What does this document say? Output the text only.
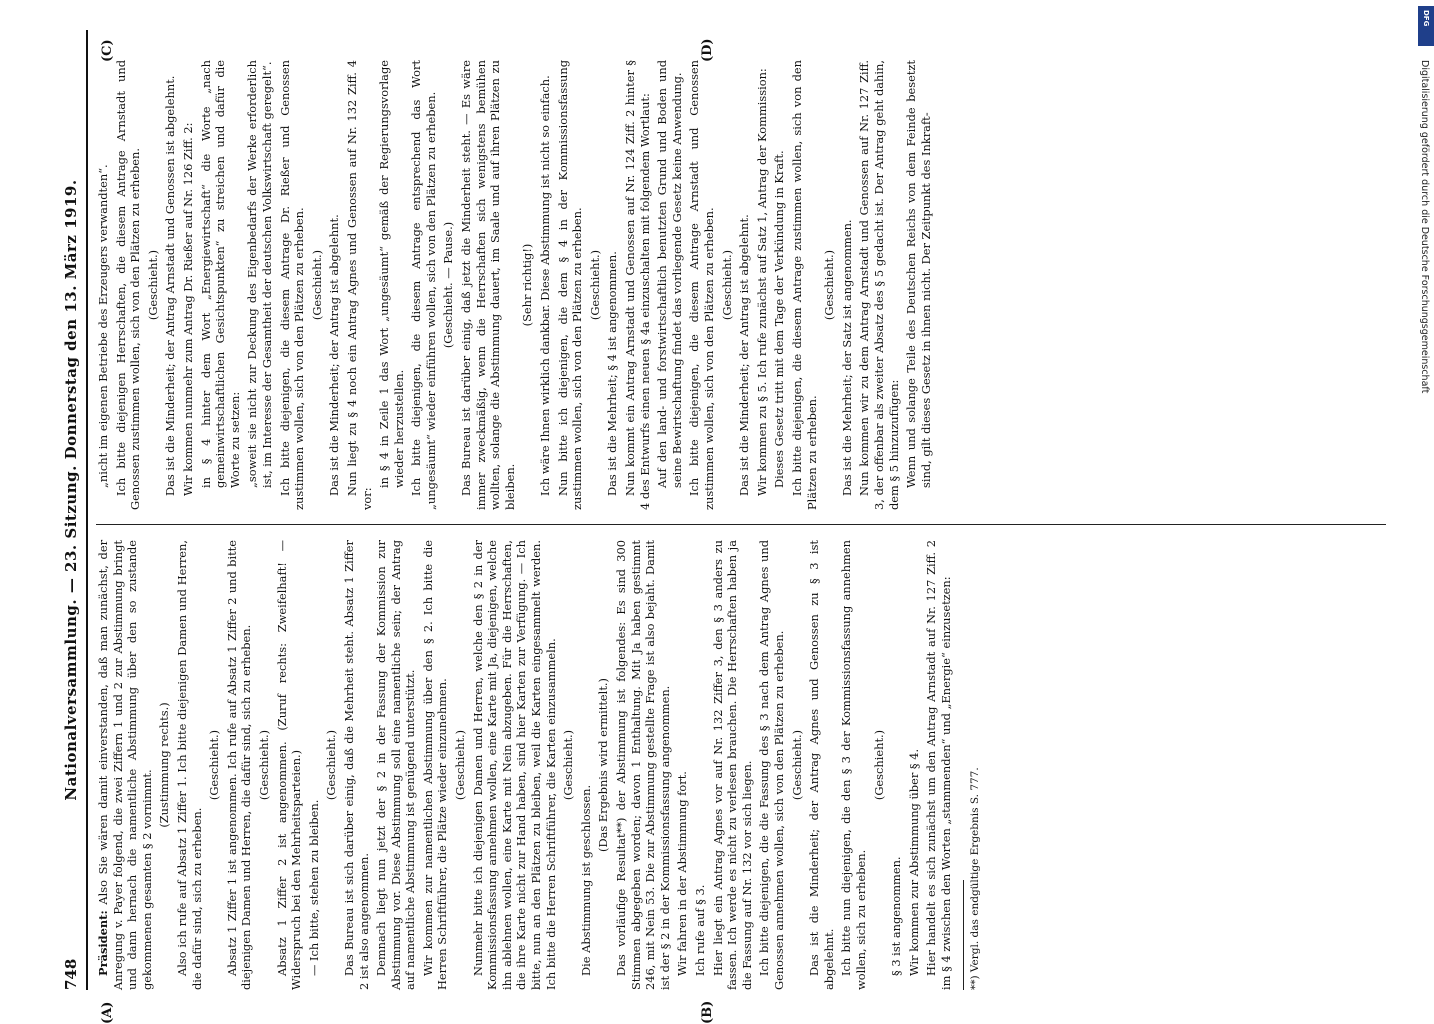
748
Nationalversammlung. — 23. Sitzung. Donnerstag den 13. März 1919.
(A)	(B)
(C)	(D)

Präsident: Also Sie wären damit einverstanden, daß man zunächst, der Anregung v. Payer folgend, die zwei Ziffern 1 und 2 zur Abstimmung bringt und dann hernach die namentliche Abstimmung über den so zustande gekommenen gesamten § 2 vornimmt.

(Zustimmung rechts.) Also ich rufe auf Absatz 1 Ziffer 1. Ich bitte diejenigen Damen und Herren, die dafür sind, sich zu erheben.

(Geschieht.) Absatz 1 Ziffer 1 ist angenommen. Ich rufe auf Absatz 1 Ziffer 2 und bitte diejenigen Damen und Herren, die dafür sind, sich zu erheben. (Geschieht.) Absatz 1 Ziffer 2 ist angenommen. (Zuruf rechts: Zweifelhaft! — Widerspruch bei den Mehrheitsparteien.) — Ich bitte, stehen zu bleiben.

(Geschieht.) Das Bureau ist sich darüber einig, daß die Mehrheit steht. Absatz 1 Ziffer 2 ist also angenommen. Demnach liegt nun jetzt der § 2 in der Fassung der Kommission zur Abstimmung vor. Diese Abstimmung soll eine namentliche sein; der Antrag auf namentliche Abstimmung ist genügend unterstützt. Wir kommen zur namentlichen Abstimmung über den § 2. Ich bitte die Herren Schriftführer, die Plätze wieder einzunehmen. (Geschieht.) Nunmehr bitte ich diejenigen Damen und Herren, welche den § 2 in der Kommissionsfassung annehmen wollen, eine Karte mit Ja, diejenigen, welche ihn ablehnen wollen, eine Karte mit Nein abzugeben. Für die Herrschaften, die ihre Karte nicht zur Hand haben, sind hier Karten zur Verfügung. — Ich bitte, nun an den Plätzen zu bleiben, weil die Karten eingesammelt werden. Ich bitte die Herren Schriftführer, die Karten einzusammeln. (Geschieht.)

Die Abstimmung ist geschlossen.

(Das Ergebnis wird ermittelt.) Das vorläufige Resultat**) der Abstimmung ist folgendes: Es sind 300 Stimmen abgegeben worden; davon 1 Enthaltung. Mit Ja haben gestimmt 246, mit Nein 53. Die zur Abstimmung gestellte Frage ist also bejaht. Damit ist der § 2 in der Kommissionsfassung angenommen. Wir fahren in der Abstimmung fort. Ich rufe auf § 3. Hier liegt ein Antrag Agnes vor auf Nr. 132 Ziffer 3, den § 3 anders zu fassen. Ich werde es nicht zu verlesen brauchen. Die Herrschaften haben ja die Fassung auf Nr. 132 vor sich liegen. Ich bitte diejenigen, die die Fassung des § 3 nach dem Antrag Agnes und Genossen annehmen wollen, sich von den Plätzen zu erheben. (Geschieht.) Das ist die Minderheit; der Antrag Agnes und Genossen zu § 3 ist abgelehnt. Ich bitte nun diejenigen, die den § 3 der Kommissionsfassung annehmen wollen, sich zu erheben.

(Geschieht.)

§ 3 ist angenommen. Wir kommen zur Abstimmung über § 4. Hier handelt es sich zunächst um den Antrag Arnstadt auf Nr. 127 Ziff. 2 im § 4 zwischen den Worten „stammenden“ und „Energie“ einzusetzen: **) Vergl. das endgültige Ergebnis S. 777.

„nicht im eigenen Betriebe des Erzeugers verwandten“. Ich bitte diejenigen Herrschaften, die diesem Antrage Arnstadt und Genossen zustimmen wollen, sich von den Plätzen zu erheben. (Geschieht.) Das ist die Minderheit; der Antrag Arnstadt und Genossen ist abgelehnt. Wir kommen nunmehr zum Antrag Dr. Rießer auf Nr. 126 Ziff. 2: in § 4 hinter dem Wort „Energiewirtschaft“ die Worte „nach gemeinwirtschaftlichen Gesichtspunkten“ zu streichen und dafür die Worte zu setzen: „soweit sie nicht zur Deckung des Eigenbedarfs der Werke erforderlich ist, im Interesse der Gesamtheit der deutschen Volkswirtschaft geregelt“. Ich bitte diejenigen, die diesem Antrage Dr. Rießer und Genossen zustimmen wollen, sich von den Plätzen zu erheben. (Geschieht.) Das ist die Minderheit; der Antrag ist abgelehnt. Nun liegt zu § 4 noch ein Antrag Agnes und Genossen auf Nr. 132 Ziff. 4 vor:

in § 4 in Zeile 1 das Wort „ungesäumt“ gemäß der Regierungsvorlage wieder herzustellen. Ich bitte diejenigen, die diesem Antrage entsprechend das Wort „ungesäumt“ wieder einführen wollen, sich von den Plätzen zu erheben. (Geschieht. — Pause.) Das Bureau ist darüber einig, daß jetzt die Minderheit steht. — Es wäre immer zweckmäßig, wenn die Herrschaften sich wenigstens bemühen wollten, solange die Abstimmung dauert, im Saale und auf ihren Plätzen zu bleiben.

(Sehr richtig!) Ich wäre Ihnen wirklich dankbar. Diese Abstimmung ist nicht so einfach. Nun bitte ich diejenigen, die dem § 4 in der Kommissionsfassung zustimmen wollen, sich von den Plätzen zu erheben. (Geschieht.) Das ist die Mehrheit; § 4 ist angenommen. Nun kommt ein Antrag Arnstadt und Genossen auf Nr. 124 Ziff. 2 hinter § 4 des Entwurfs einen neuen § 4a einzuschalten mit folgendem Wortlaut: Auf den land- und forstwirtschaftlich benutzten Grund und Boden und seine Bewirtschaftung findet das vorliegende Gesetz keine Anwendung. Ich bitte diejenigen, die diesem Antrage Arnstadt und Genossen zustimmen wollen, sich von den Plätzen zu erheben. (Geschieht.) Das ist die Minderheit; der Antrag ist abgelehnt. Wir kommen zu § 5. Ich rufe zunächst auf Satz 1, Antrag der Kommission: Dieses Gesetz tritt mit dem Tage der Verkündung in Kraft. Ich bitte diejenigen, die diesem Antrage zustimmen wollen, sich von den Plätzen zu erheben.

(Geschieht.) Das ist die Mehrheit; der Satz ist angenommen. Nun kommen wir zu dem Antrag Arnstadt und Genossen auf Nr. 127 Ziff. 3, der offenbar als zweiter Absatz des § 5 gedacht ist. Der Antrag geht dahin, dem § 5 hinzuzufügen: Wenn und solange Teile des Deutschen Reichs von dem Feinde besetzt sind, gilt dieses Gesetz in ihnen nicht. Der Zeitpunkt des Inkraft-

DFG
Digitalisierung gefördert durch die Deutsche Forschungsgemeinschaft
